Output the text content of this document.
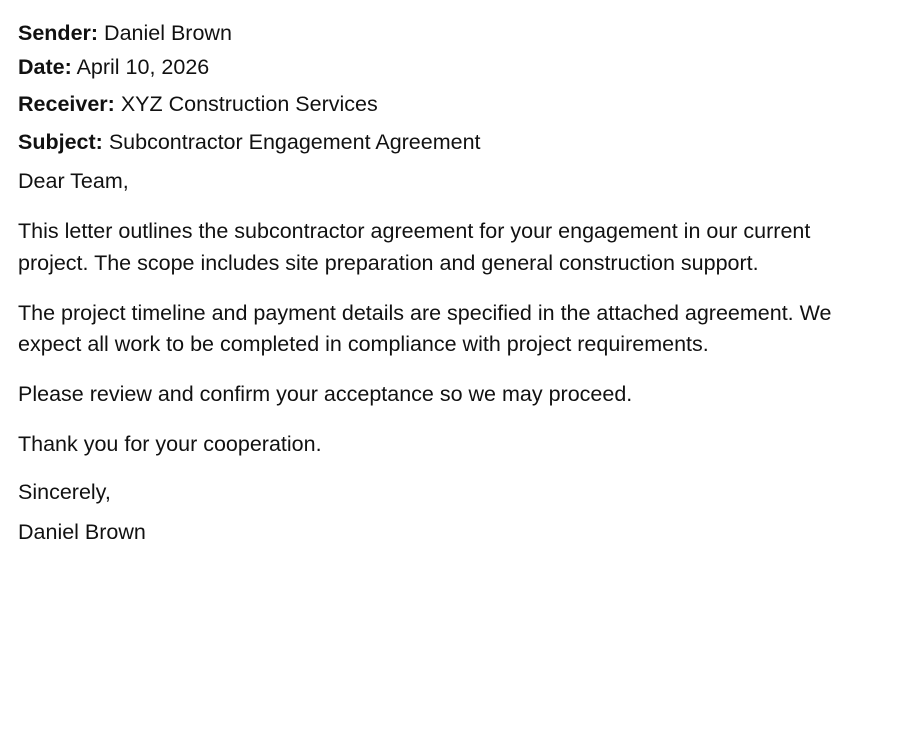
Sender: Daniel Brown

Date: April 10, 2026

Receiver: XYZ Construction Services

Subject: Subcontractor Engagement Agreement

Dear Team,

This letter outlines the subcontractor agreement for your engagement in our current project. The scope includes site preparation and general construction support.

The project timeline and payment details are specified in the attached agreement. We expect all work to be completed in compliance with project requirements.

Please review and confirm your acceptance so we may proceed.

Thank you for your cooperation.

Sincerely,

Daniel Brown
